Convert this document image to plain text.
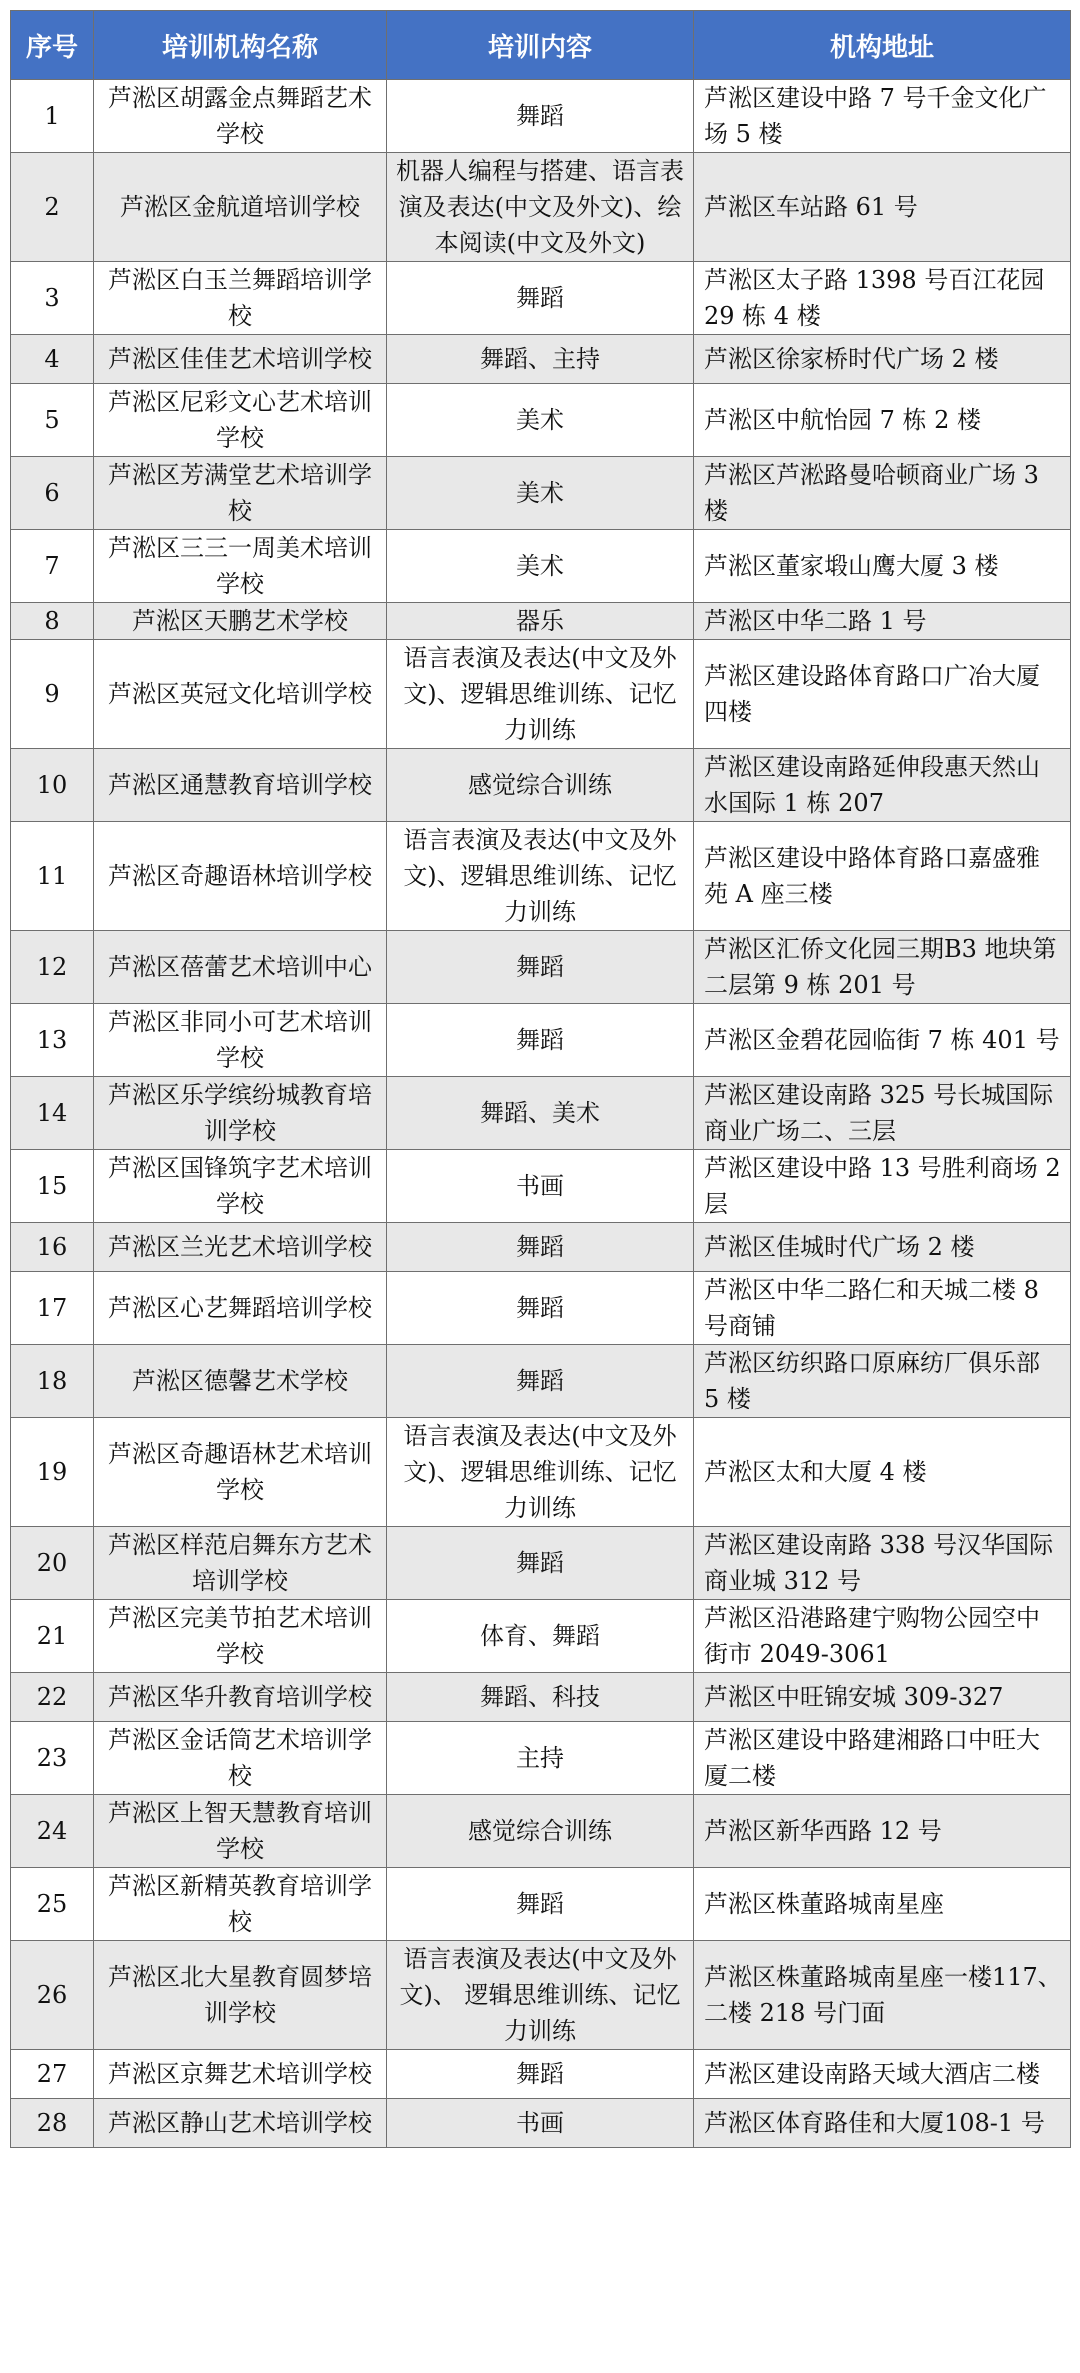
序号	培训机构名称	培训内容	机构地址
1	芦淞区胡露金点舞蹈艺术学校	舞蹈	芦淞区建设中路 7 号千金文化广场 5 楼
2	芦淞区金航道培训学校	机器人编程与搭建、语言表演及表达(中文及外文)、绘本阅读(中文及外文)	芦淞区车站路 61 号
3	芦淞区白玉兰舞蹈培训学校	舞蹈	芦淞区太子路 1398 号百江花园 29 栋 4 楼
4	芦淞区佳佳艺术培训学校	舞蹈、主持	芦淞区徐家桥时代广场 2 楼
5	芦淞区尼彩文心艺术培训学校	美术	芦淞区中航怡园 7 栋 2 楼
6	芦淞区芳满堂艺术培训学校	美术	芦淞区芦淞路曼哈顿商业广场 3 楼
7	芦淞区三三一周美术培训学校	美术	芦淞区董家塅山鹰大厦 3 楼
8	芦淞区天鹏艺术学校	器乐	芦淞区中华二路 1 号
9	芦淞区英冠文化培训学校	语言表演及表达(中文及外文)、逻辑思维训练、记忆力训练	芦淞区建设路体育路口广冶大厦四楼
10	芦淞区通慧教育培训学校	感觉综合训练	芦淞区建设南路延伸段惠天然山水国际 1 栋 207
11	芦淞区奇趣语林培训学校	语言表演及表达(中文及外文)、逻辑思维训练、记忆力训练	芦淞区建设中路体育路口嘉盛雅苑 A 座三楼
12	芦淞区蓓蕾艺术培训中心	舞蹈	芦淞区汇侨文化园三期B3 地块第二层第 9 栋 201 号
13	芦淞区非同小可艺术培训学校	舞蹈	芦淞区金碧花园临街 7 栋 401 号
14	芦淞区乐学缤纷城教育培训学校	舞蹈、美术	芦淞区建设南路 325 号长城国际商业广场二、三层
15	芦淞区国锋筑字艺术培训学校	书画	芦淞区建设中路 13 号胜利商场 2 层
16	芦淞区兰光艺术培训学校	舞蹈	芦淞区佳城时代广场 2 楼
17	芦淞区心艺舞蹈培训学校	舞蹈	芦淞区中华二路仁和天城二楼 8 号商铺
18	芦淞区德馨艺术学校	舞蹈	芦淞区纺织路口原麻纺厂俱乐部 5 楼
19	芦淞区奇趣语林艺术培训学校	语言表演及表达(中文及外文)、逻辑思维训练、记忆力训练	芦淞区太和大厦 4 楼
20	芦淞区样范启舞东方艺术培训学校	舞蹈	芦淞区建设南路 338 号汉华国际商业城 312 号
21	芦淞区完美节拍艺术培训学校	体育、舞蹈	芦淞区沿港路建宁购物公园空中街市 2049-3061
22	芦淞区华升教育培训学校	舞蹈、科技	芦淞区中旺锦安城 309-327
23	芦淞区金话筒艺术培训学校	主持	芦淞区建设中路建湘路口中旺大厦二楼
24	芦淞区上智天慧教育培训学校	感觉综合训练	芦淞区新华西路 12 号
25	芦淞区新精英教育培训学校	舞蹈	芦淞区株董路城南星座
26	芦淞区北大星教育圆梦培训学校	语言表演及表达(中文及外文)、 逻辑思维训练、记忆力训练	芦淞区株董路城南星座一楼117、二楼 218 号门面
27	芦淞区京舞艺术培训学校	舞蹈	芦淞区建设南路天域大酒店二楼
28	芦淞区静山艺术培训学校	书画	芦淞区体育路佳和大厦108-1 号
